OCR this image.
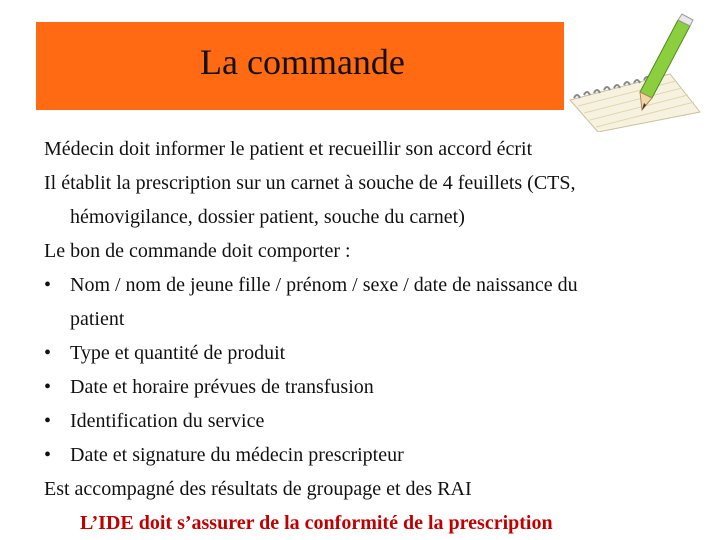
La commande

Médecin doit informer le patient et recueillir son accord écrit

Il établit la prescription sur un carnet à souche de 4 feuillets (CTS,

hémovigilance, dossier patient, souche du carnet)

Le bon de commande doit comporter :

• Nom / nom de jeune fille / prénom / sexe / date de naissance du

patient

• Type et quantité de produit

• Date et horaire prévues de transfusion

• Identification du service

• Date et signature du médecin prescripteur

Est accompagné des résultats de groupage et des RAI

L’IDE doit s’assurer de la conformité de la prescription
